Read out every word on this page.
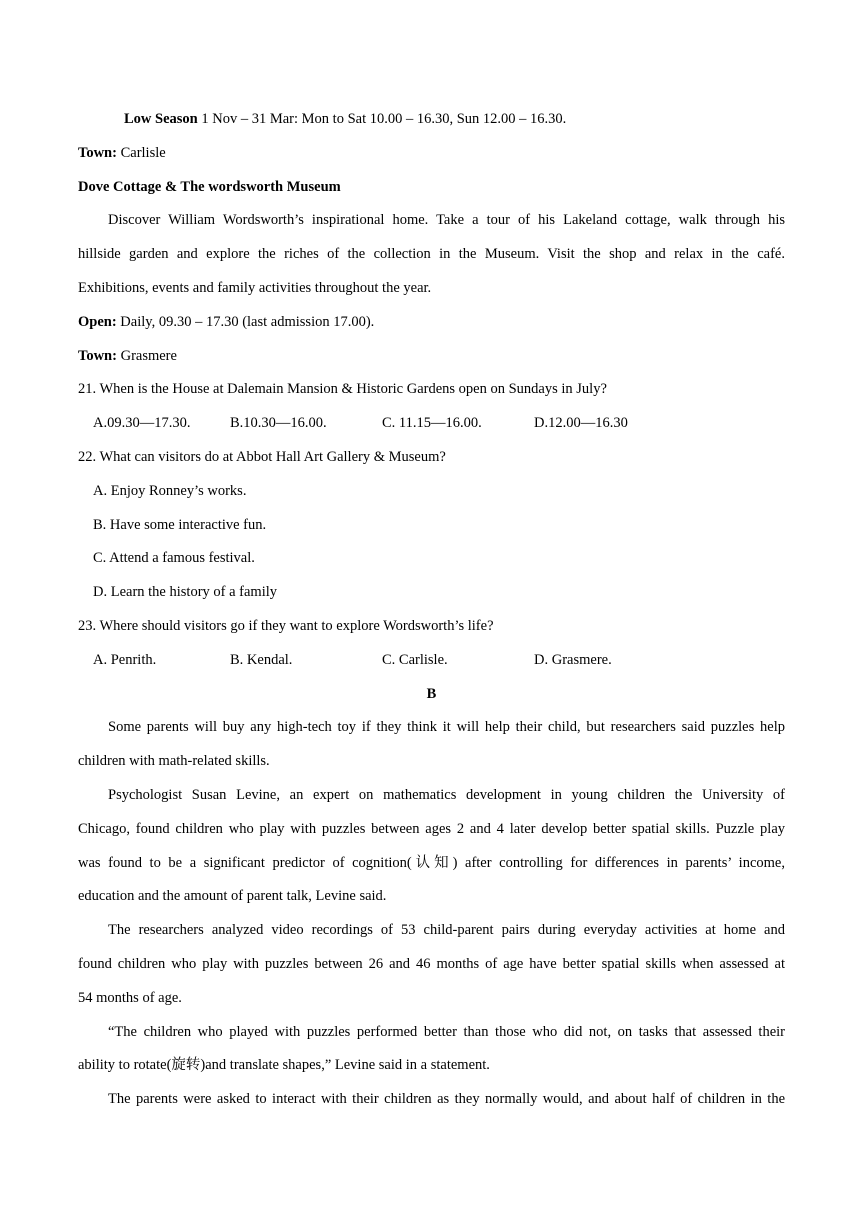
Low Season 1 Nov – 31 Mar: Mon to Sat 10.00 – 16.30, Sun 12.00 – 16.30.
Town: Carlisle
Dove Cottage & The wordsworth Museum
Discover William Wordsworth’s inspirational home. Take a tour of his Lakeland cottage, walk through his
hillside garden and explore the riches of the collection in the Museum. Visit the shop and relax in the café.
Exhibitions, events and family activities throughout the year.
Open: Daily, 09.30 – 17.30 (last admission 17.00).
Town: Grasmere
21. When is the House at Dalemain Mansion & Historic Gardens open on Sundays in July?
A.09.30—17.30.	B.10.30—16.00.	C. 11.15—16.00.	D.12.00—16.30
22. What can visitors do at Abbot Hall Art Gallery & Museum?
A. Enjoy Ronney’s works.
B. Have some interactive fun.
C. Attend a famous festival.
D. Learn the history of a family
23. Where should visitors go if they want to explore Wordsworth’s life?
A. Penrith.	B. Kendal.	C. Carlisle.	D. Grasmere.
B
Some parents will buy any high-tech toy if they think it will help their child, but researchers said puzzles help
children with math-related skills.
Psychologist Susan Levine, an expert on mathematics development in young children the University of
Chicago, found children who play with puzzles between ages 2 and 4 later develop better spatial skills. Puzzle play
was found to be a significant predictor of cognition(认知) after controlling for differences in parents’ income,
education and the amount of parent talk, Levine said.
The researchers analyzed video recordings of 53 child-parent pairs during everyday activities at home and
found children who play with puzzles between 26 and 46 months of age have better spatial skills when assessed at
54 months of age.
“The children who played with puzzles performed better than those who did not, on tasks that assessed their
ability to rotate(旋转)and translate shapes,” Levine said in a statement.
The parents were asked to interact with their children as they normally would, and about half of children in the
